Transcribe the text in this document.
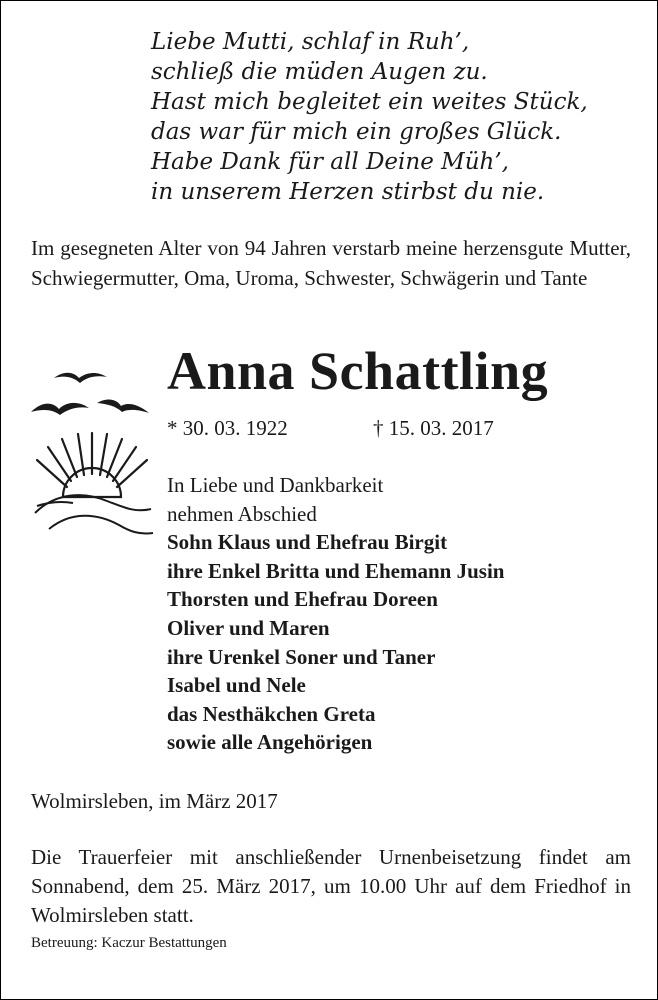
Liebe Mutti, schlaf in Ruh’,
schließ die müden Augen zu.
Hast mich begleitet ein weites Stück,
das war für mich ein großes Glück.
Habe Dank für all Deine Müh’,
in unserem Herzen stirbst du nie.
Im gesegneten Alter von 94 Jahren verstarb meine herzensgute Mutter, Schwiegermutter, Oma, Uroma, Schwester, Schwägerin und Tante
Anna Schattling
* 30. 03. 1922	† 15. 03. 2017
In Liebe und Dankbarkeit
nehmen Abschied
Sohn Klaus und Ehefrau Birgit
ihre Enkel Britta und Ehemann Jusin
Thorsten und Ehefrau Doreen
Oliver und Maren
ihre Urenkel Soner und Taner
Isabel und Nele
das Nesthäkchen Greta
sowie alle Angehörigen
Wolmirsleben, im März 2017
Die Trauerfeier mit anschließender Urnenbeisetzung findet am Sonnabend, dem 25. März 2017, um 10.00 Uhr auf dem Friedhof in Wolmirsleben statt.
Betreuung: Kaczur Bestattungen
